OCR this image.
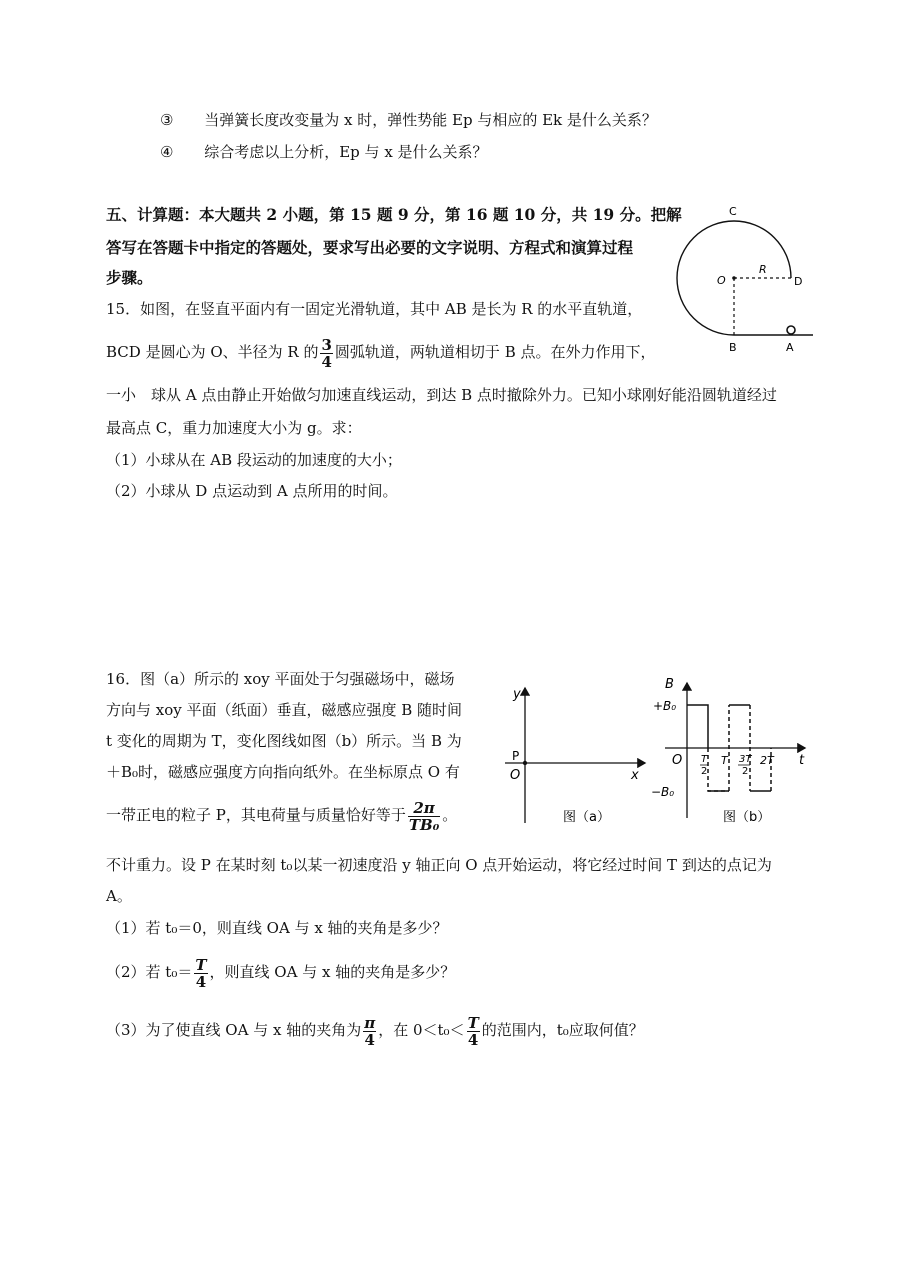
③ 当弹簧长度改变量为 x 时，弹性势能 Ep 与相应的 Ek 是什么关系？
④ 综合考虑以上分析，Ep 与 x 是什么关系？
五、计算题：本大题共 2 小题，第 15 题 9 分，第 16 题 10 分，共 19 分。把解
答写在答题卡中指定的答题处，要求写出必要的文字说明、方程式和演算过程
步骤。
15．如图，在竖直平面内有一固定光滑轨道，其中 AB 是长为 R 的水平直轨道，
BCD 是圆心为 O、半径为 R 的 $\frac{3}{4}$ 圆弧轨道，两轨道相切于 B 点。在外力作用下，
一小　球从 A 点由静止开始做匀加速直线运动，到达 B 点时撤除外力。已知小球刚好能沿圆轨道经过
最高点 C，重力加速度大小为 g。求：
（1）小球从在 AB 段运动的加速度的大小；
（2）小球从 D 点运动到 A 点所用的时间。
C
O
R
D
B	A
16．图（a）所示的 xoy 平面处于匀强磁场中，磁场
方向与 xoy 平面（纸面）垂直，磁感应强度 B 随时间
t 变化的周期为 T，变化图线如图（b）所示。当 B 为
＋B₀时，磁感应强度方向指向纸外。在坐标原点 O 有
一带正电的粒子 P，其电荷量与质量恰好等于 $\frac{2\pi}{\text{TB₀}}$ 。
不计重力。设 P 在某时刻 t₀以某一初速度沿 y 轴正向 O 点开始运动，将它经过时间 T 到达的点记为
A。
（1）若 t₀＝0，则直线 OA 与 x 轴的夹角是多少？
（2）若 $t_0= \frac{T}{4}$ ，则直线 OA 与 x 轴的夹角是多少？
（3）为了使直线 OA 与 x 轴的夹角为 $\frac{\pi}{4}$ ，在 $0<t_0< \frac{T}{4}$ 的范围内，t₀应取何值？
y
P
O	x
图（a）
B
+B₀
−B₀
O	t
T
2
T 3T
2
2T
图（b）
